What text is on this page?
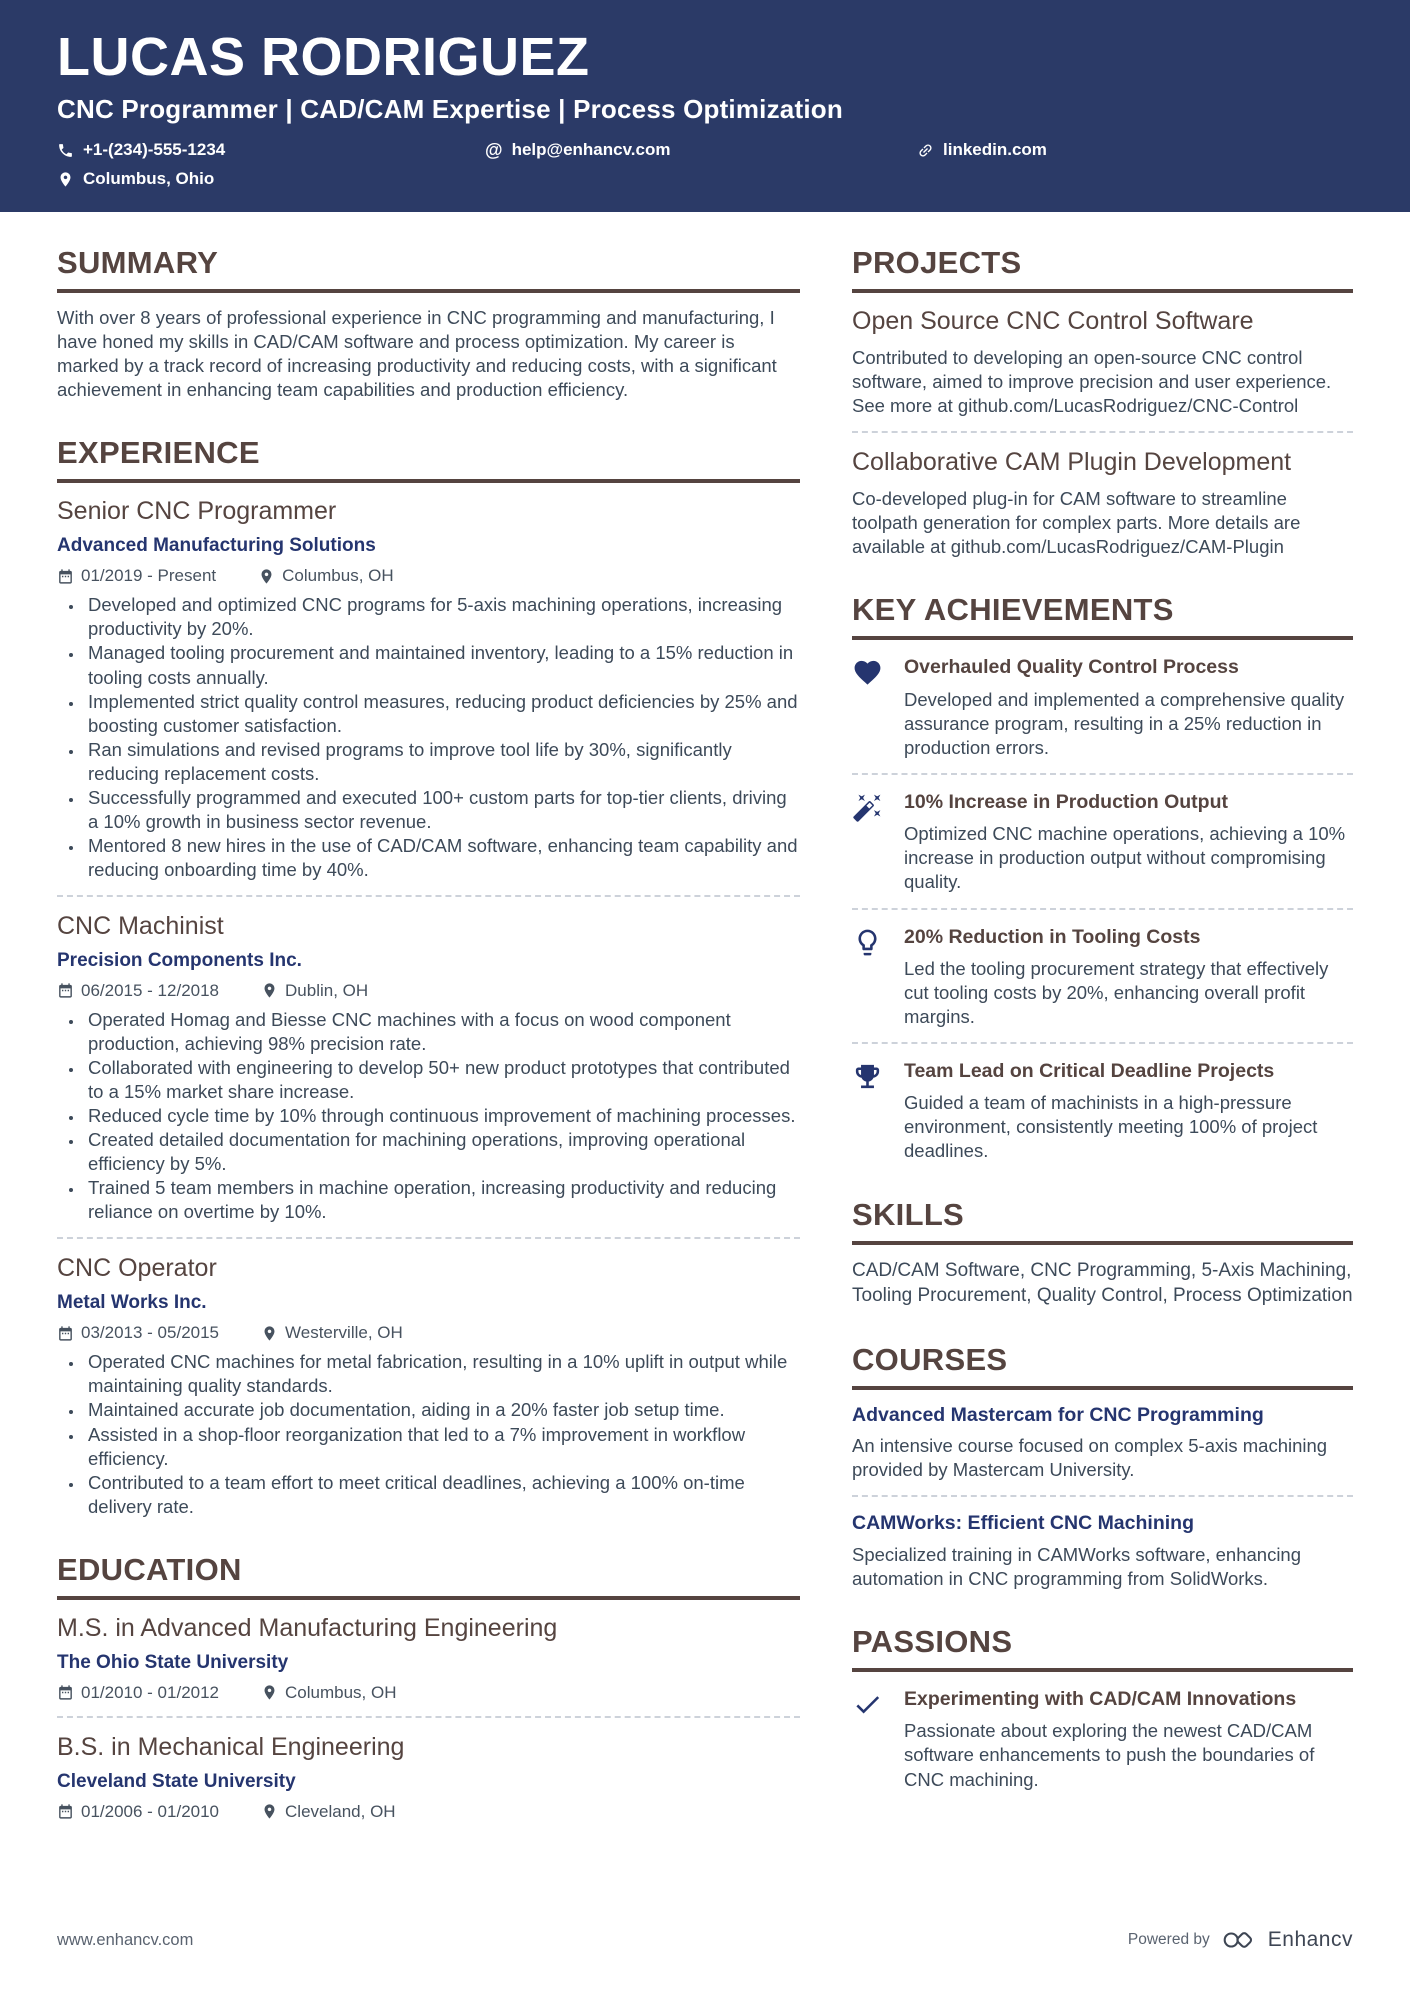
LUCAS RODRIGUEZ
CNC Programmer | CAD/CAM Expertise | Process Optimization
+1-(234)-555-1234	@ help@enhancv.com	linkedin.com
Columbus, Ohio
SUMMARY
With over 8 years of professional experience in CNC programming and manufacturing, I have honed my skills in CAD/CAM software and process optimization. My career is marked by a track record of increasing productivity and reducing costs, with a significant achievement in enhancing team capabilities and production efficiency.
EXPERIENCE
Senior CNC Programmer
Advanced Manufacturing Solutions
01/2019 - Present	Columbus, OH
• Developed and optimized CNC programs for 5-axis machining operations, increasing productivity by 20%.
• Managed tooling procurement and maintained inventory, leading to a 15% reduction in tooling costs annually.
• Implemented strict quality control measures, reducing product deficiencies by 25% and boosting customer satisfaction.
• Ran simulations and revised programs to improve tool life by 30%, significantly reducing replacement costs.
• Successfully programmed and executed 100+ custom parts for top-tier clients, driving a 10% growth in business sector revenue.
• Mentored 8 new hires in the use of CAD/CAM software, enhancing team capability and reducing onboarding time by 40%.
CNC Machinist
Precision Components Inc.
06/2015 - 12/2018	Dublin, OH
• Operated Homag and Biesse CNC machines with a focus on wood component production, achieving 98% precision rate.
• Collaborated with engineering to develop 50+ new product prototypes that contributed to a 15% market share increase.
• Reduced cycle time by 10% through continuous improvement of machining processes.
• Created detailed documentation for machining operations, improving operational efficiency by 5%.
• Trained 5 team members in machine operation, increasing productivity and reducing reliance on overtime by 10%.
CNC Operator
Metal Works Inc.
03/2013 - 05/2015	Westerville, OH
• Operated CNC machines for metal fabrication, resulting in a 10% uplift in output while maintaining quality standards.
• Maintained accurate job documentation, aiding in a 20% faster job setup time.
• Assisted in a shop-floor reorganization that led to a 7% improvement in workflow efficiency.
• Contributed to a team effort to meet critical deadlines, achieving a 100% on-time delivery rate.
EDUCATION
M.S. in Advanced Manufacturing Engineering
The Ohio State University
01/2010 - 01/2012	Columbus, OH
B.S. in Mechanical Engineering
Cleveland State University
01/2006 - 01/2010	Cleveland, OH
PROJECTS
Open Source CNC Control Software
Contributed to developing an open-source CNC control software, aimed to improve precision and user experience. See more at github.com/LucasRodriguez/CNC-Control
Collaborative CAM Plugin Development
Co-developed plug-in for CAM software to streamline toolpath generation for complex parts. More details are available at github.com/LucasRodriguez/CAM-Plugin
KEY ACHIEVEMENTS
Overhauled Quality Control Process
Developed and implemented a comprehensive quality assurance program, resulting in a 25% reduction in production errors.
10% Increase in Production Output
Optimized CNC machine operations, achieving a 10% increase in production output without compromising quality.
20% Reduction in Tooling Costs
Led the tooling procurement strategy that effectively cut tooling costs by 20%, enhancing overall profit margins.
Team Lead on Critical Deadline Projects
Guided a team of machinists in a high-pressure environment, consistently meeting 100% of project deadlines.
SKILLS
CAD/CAM Software, CNC Programming, 5-Axis Machining, Tooling Procurement, Quality Control, Process Optimization
COURSES
Advanced Mastercam for CNC Programming
An intensive course focused on complex 5-axis machining provided by Mastercam University.
CAMWorks: Efficient CNC Machining
Specialized training in CAMWorks software, enhancing automation in CNC programming from SolidWorks.
PASSIONS
Experimenting with CAD/CAM Innovations
Passionate about exploring the newest CAD/CAM software enhancements to push the boundaries of CNC machining.
www.enhancv.com	Powered by	Enhancv
